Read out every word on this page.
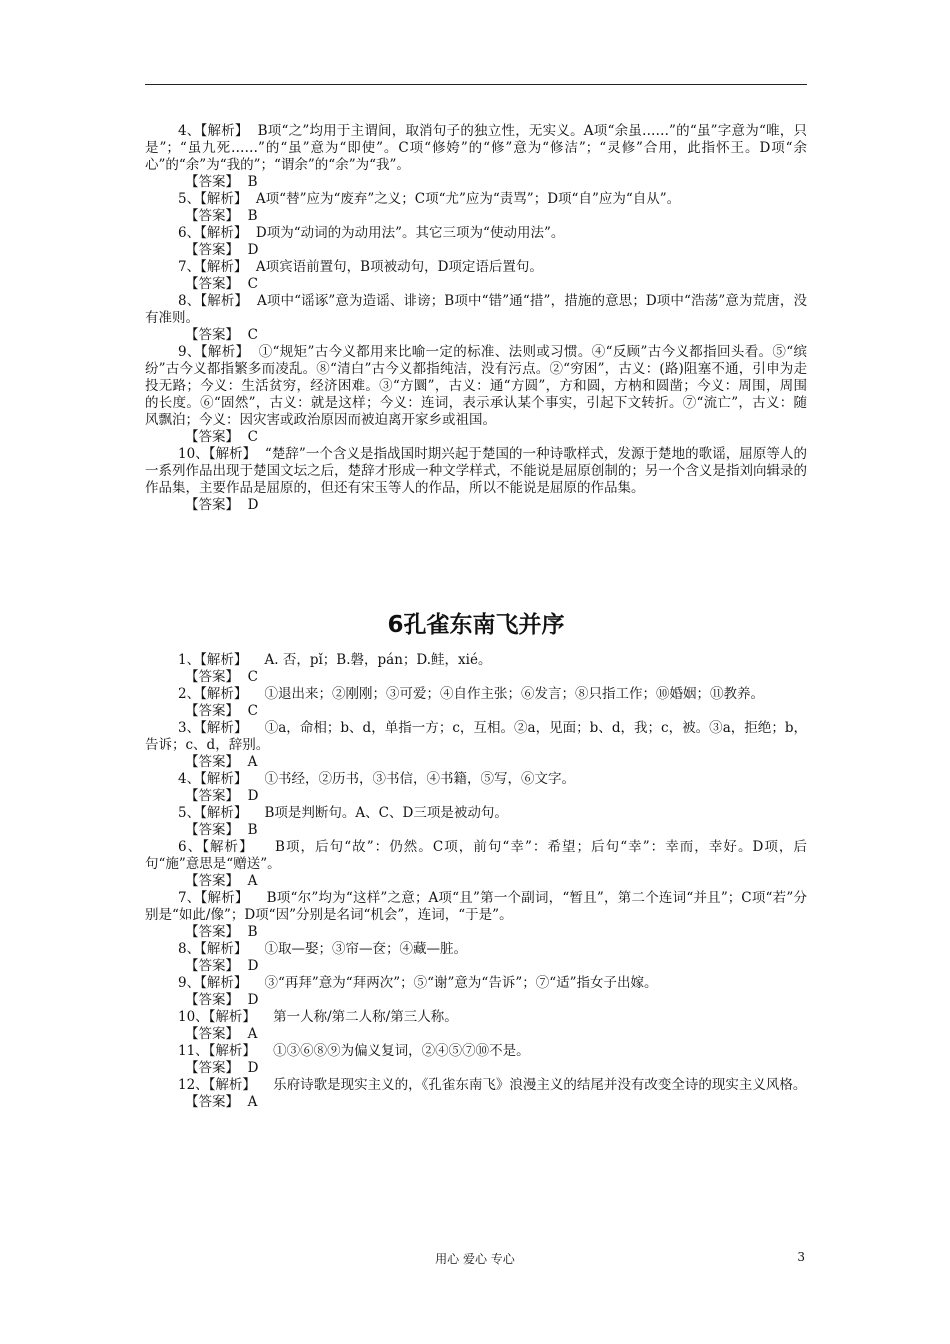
4、【解析】  B项“之”均用于主谓间，取消句子的独立性，无实义。A项“余虽……”的“虽”字意为“唯，只是”；“虽九死……”的“虽”意为“即使”。C项“修姱”的“修”意为“修洁”；“灵修”合用，此指怀王。D项“余心”的“余”为“我的”；“谓余”的“余”为“我”。

【答案】  B

5、【解析】  A项“替”应为“废弃”之义；C项“尤”应为“责骂”；D项“自”应为“自从”。

【答案】  B

6、【解析】  D项为“动词的为动用法”。其它三项为“使动用法”。

【答案】  D

7、【解析】  A项宾语前置句，B项被动句，D项定语后置句。

【答案】  C

8、【解析】  A项中“谣诼”意为造谣、诽谤；B项中“错”通“措”，措施的意思；D项中“浩荡”意为荒唐，没有准则。

【答案】  C

9、【解析】  ①“规矩”古今义都用来比喻一定的标准、法则或习惯。④“反顾”古今义都指回头看。⑤“缤纷”古今义都指繁多而凌乱。⑧“清白”古今义都指纯洁，没有污点。②“穷困”，古义：(路)阻塞不通，引申为走投无路；今义：生活贫穷，经济困难。③“方圜”，古义：通“方圆”，方和圆，方枘和圆凿；今义：周围，周围的长度。⑥“固然”，古义：就是这样；今义：连词，表示承认某个事实，引起下文转折。⑦“流亡”，古义：随风飘泊；今义：因灾害或政治原因而被迫离开家乡或祖国。

【答案】  C

10、【解析】  “楚辞”一个含义是指战国时期兴起于楚国的一种诗歌样式，发源于楚地的歌谣，屈原等人的一系列作品出现于楚国文坛之后，楚辞才形成一种文学样式，不能说是屈原创制的；另一个含义是指刘向辑录的作品集，主要作品是屈原的，但还有宋玉等人的作品，所以不能说是屈原的作品集。

【答案】  D

6孔雀东南飞并序

1、【解析】    A. 否，pǐ；B.磐，pán；D.鲑，xié。

【答案】  C

2、【解析】    ①退出来；②刚刚；③可爱；④自作主张；⑥发言；⑧只指工作；⑩婚姻；⑪教养。

【答案】  C

3、【解析】    ①a，命相；b、d，单指一方；c，互相。②a，见面；b、d，我；c，被。③a，拒绝；b，告诉；c、d，辞别。

【答案】  A

4、【解析】    ①书经，②历书，③书信，④书籍，⑤写，⑥文字。

【答案】  D

5、【解析】    B项是判断句。A、C、D三项是被动句。

【答案】  B

6、【解析】    B项，后句“故”：仍然。C项，前句“幸”：希望；后句“幸”：幸而，幸好。D项，后句“施”意思是“赠送”。

【答案】  A

7、【解析】    B项“尔”均为“这样”之意；A项“且”第一个副词，“暂且”，第二个连词“并且”；C项“若”分别是“如此/像”；D项“因”分别是名词“机会”，连词，“于是”。

【答案】  B

8、【解析】    ①取—娶；③帘—奁；④藏—脏。

【答案】  D

9、【解析】    ③“再拜”意为“拜两次”；⑤“谢”意为“告诉”；⑦“适”指女子出嫁。

【答案】  D

10、【解析】    第一人称/第二人称/第三人称。

【答案】  A

11、【解析】    ①③⑥⑧⑨为偏义复词，②④⑤⑦⑩不是。

【答案】  D

12、【解析】    乐府诗歌是现实主义的，《孔雀东南飞》浪漫主义的结尾并没有改变全诗的现实主义风格。

【答案】  A

用心 爱心 专心	3
